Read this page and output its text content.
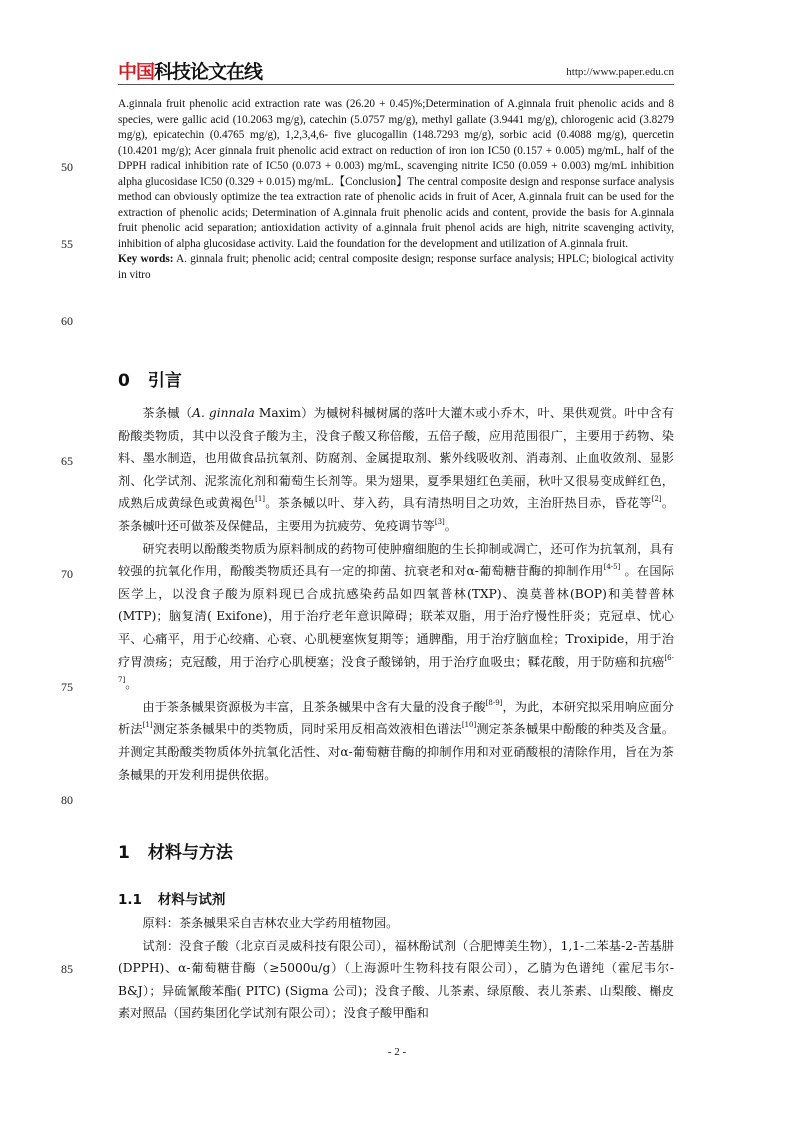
中国科技论文在线	http://www.paper.edu.cn

A.ginnala fruit phenolic acid extraction rate was (26.20 + 0.45)%;Determination of A.ginnala fruit phenolic acids and 8 species, were gallic acid (10.2063 mg/g), catechin (5.0757 mg/g), methyl gallate (3.9441 mg/g), chlorogenic acid (3.8279 mg/g), epicatechin (0.4765 mg/g), 1,2,3,4,6- five glucogallin (148.7293 mg/g), sorbic acid (0.4088 mg/g), quercetin (10.4201 mg/g); Acer ginnala fruit phenolic acid extract on reduction of iron ion IC50 (0.157 + 0.005) mg/mL, half of the DPPH radical inhibition rate of IC50 (0.073 + 0.003) mg/mL, scavenging nitrite IC50 (0.059 + 0.003) mg/mL inhibition alpha glucosidase IC50 (0.329 + 0.015) mg/mL.【Conclusion】The central composite design and response surface analysis method can obviously optimize the tea extraction rate of phenolic acids in fruit of Acer, A.ginnala fruit can be used for the extraction of phenolic acids; Determination of A.ginnala fruit phenolic acids and content, provide the basis for A.ginnala fruit phenolic acid separation; antioxidation activity of a.ginnala fruit phenol acids are high, nitrite scavenging activity, inhibition of alpha glucosidase activity. Laid the foundation for the development and utilization of A.ginnala fruit.

Key words: A. ginnala fruit; phenolic acid; central composite design; response surface analysis; HPLC; biological activity in vitro

50
55
60
65
70
75
80
85
0 引言

茶条槭（A. ginnala Maxim）为槭树科槭树属的落叶大灌木或小乔木，叶、果供观赏。叶中含有酚酸类物质，其中以没食子酸为主，没食子酸又称倍酸，五倍子酸，应用范围很广，主要用于药物、染料、墨水制造，也用做食品抗氧剂、防腐剂、金属提取剂、紫外线吸收剂、消毒剂、止血收敛剂、显影剂、化学试剂、泥浆流化剂和葡萄生长剂等。果为翅果，夏季果翅红色美丽，秋叶又很易变成鲜红色，成熟后成黄绿色或黄褐色[1]。茶条槭以叶、芽入药，具有清热明目之功效，主治肝热目赤，昏花等[2]。茶条槭叶还可做茶及保健品，主要用为抗疲劳、免疫调节等[3]。

研究表明以酚酸类物质为原料制成的药物可使肿瘤细胞的生长抑制或凋亡，还可作为抗氧剂，具有较强的抗氧化作用，酚酸类物质还具有一定的抑菌、抗衰老和对α-葡萄糖苷酶的抑制作用[4-5] 。在国际医学上，以没食子酸为原料现已合成抗感染药品如四氧普林(TXP)、溴莫普林(BOP)和美替普林(MTP)；脑复清( Exifone)，用于治疗老年意识障碍；联苯双脂，用于治疗慢性肝炎；克冠卓、忧心平、心痛平，用于心绞痛、心衰、心肌梗塞恢复期等；通脾酯，用于治疗脑血栓；Troxipide，用于治疗胃溃疡；克冠酸，用于治疗心肌梗塞；没食子酸锑钠，用于治疗血吸虫；鞣花酸，用于防癌和抗癌[6-7]。

由于茶条槭果资源极为丰富，且茶条槭果中含有大量的没食子酸[8-9]，为此，本研究拟采用响应面分析法[1]测定茶条槭果中的类物质，同时采用反相高效液相色谱法[10]测定茶条槭果中酚酸的种类及含量。并测定其酚酸类物质体外抗氧化活性、对α-葡萄糖苷酶的抑制作用和对亚硝酸根的清除作用，旨在为茶条槭果的开发利用提供依据。

1 材料与方法
1.1 材料与试剂

原料：茶条槭果采自吉林农业大学药用植物园。

试剂：没食子酸（北京百灵威科技有限公司），福林酚试剂（合肥博美生物），1,1-二苯基-2-苦基肼(DPPH)、α-葡萄糖苷酶（≥5000u/g）（上海源叶生物科技有限公司），乙腈为色谱纯（霍尼韦尔-B&J）；异硫氰酸苯酯( PITC) (Sigma 公司)；没食子酸、儿茶素、绿原酸、表儿茶素、山梨酸、槲皮素对照品（国药集团化学试剂有限公司）；没食子酸甲酯和

- 2 -
